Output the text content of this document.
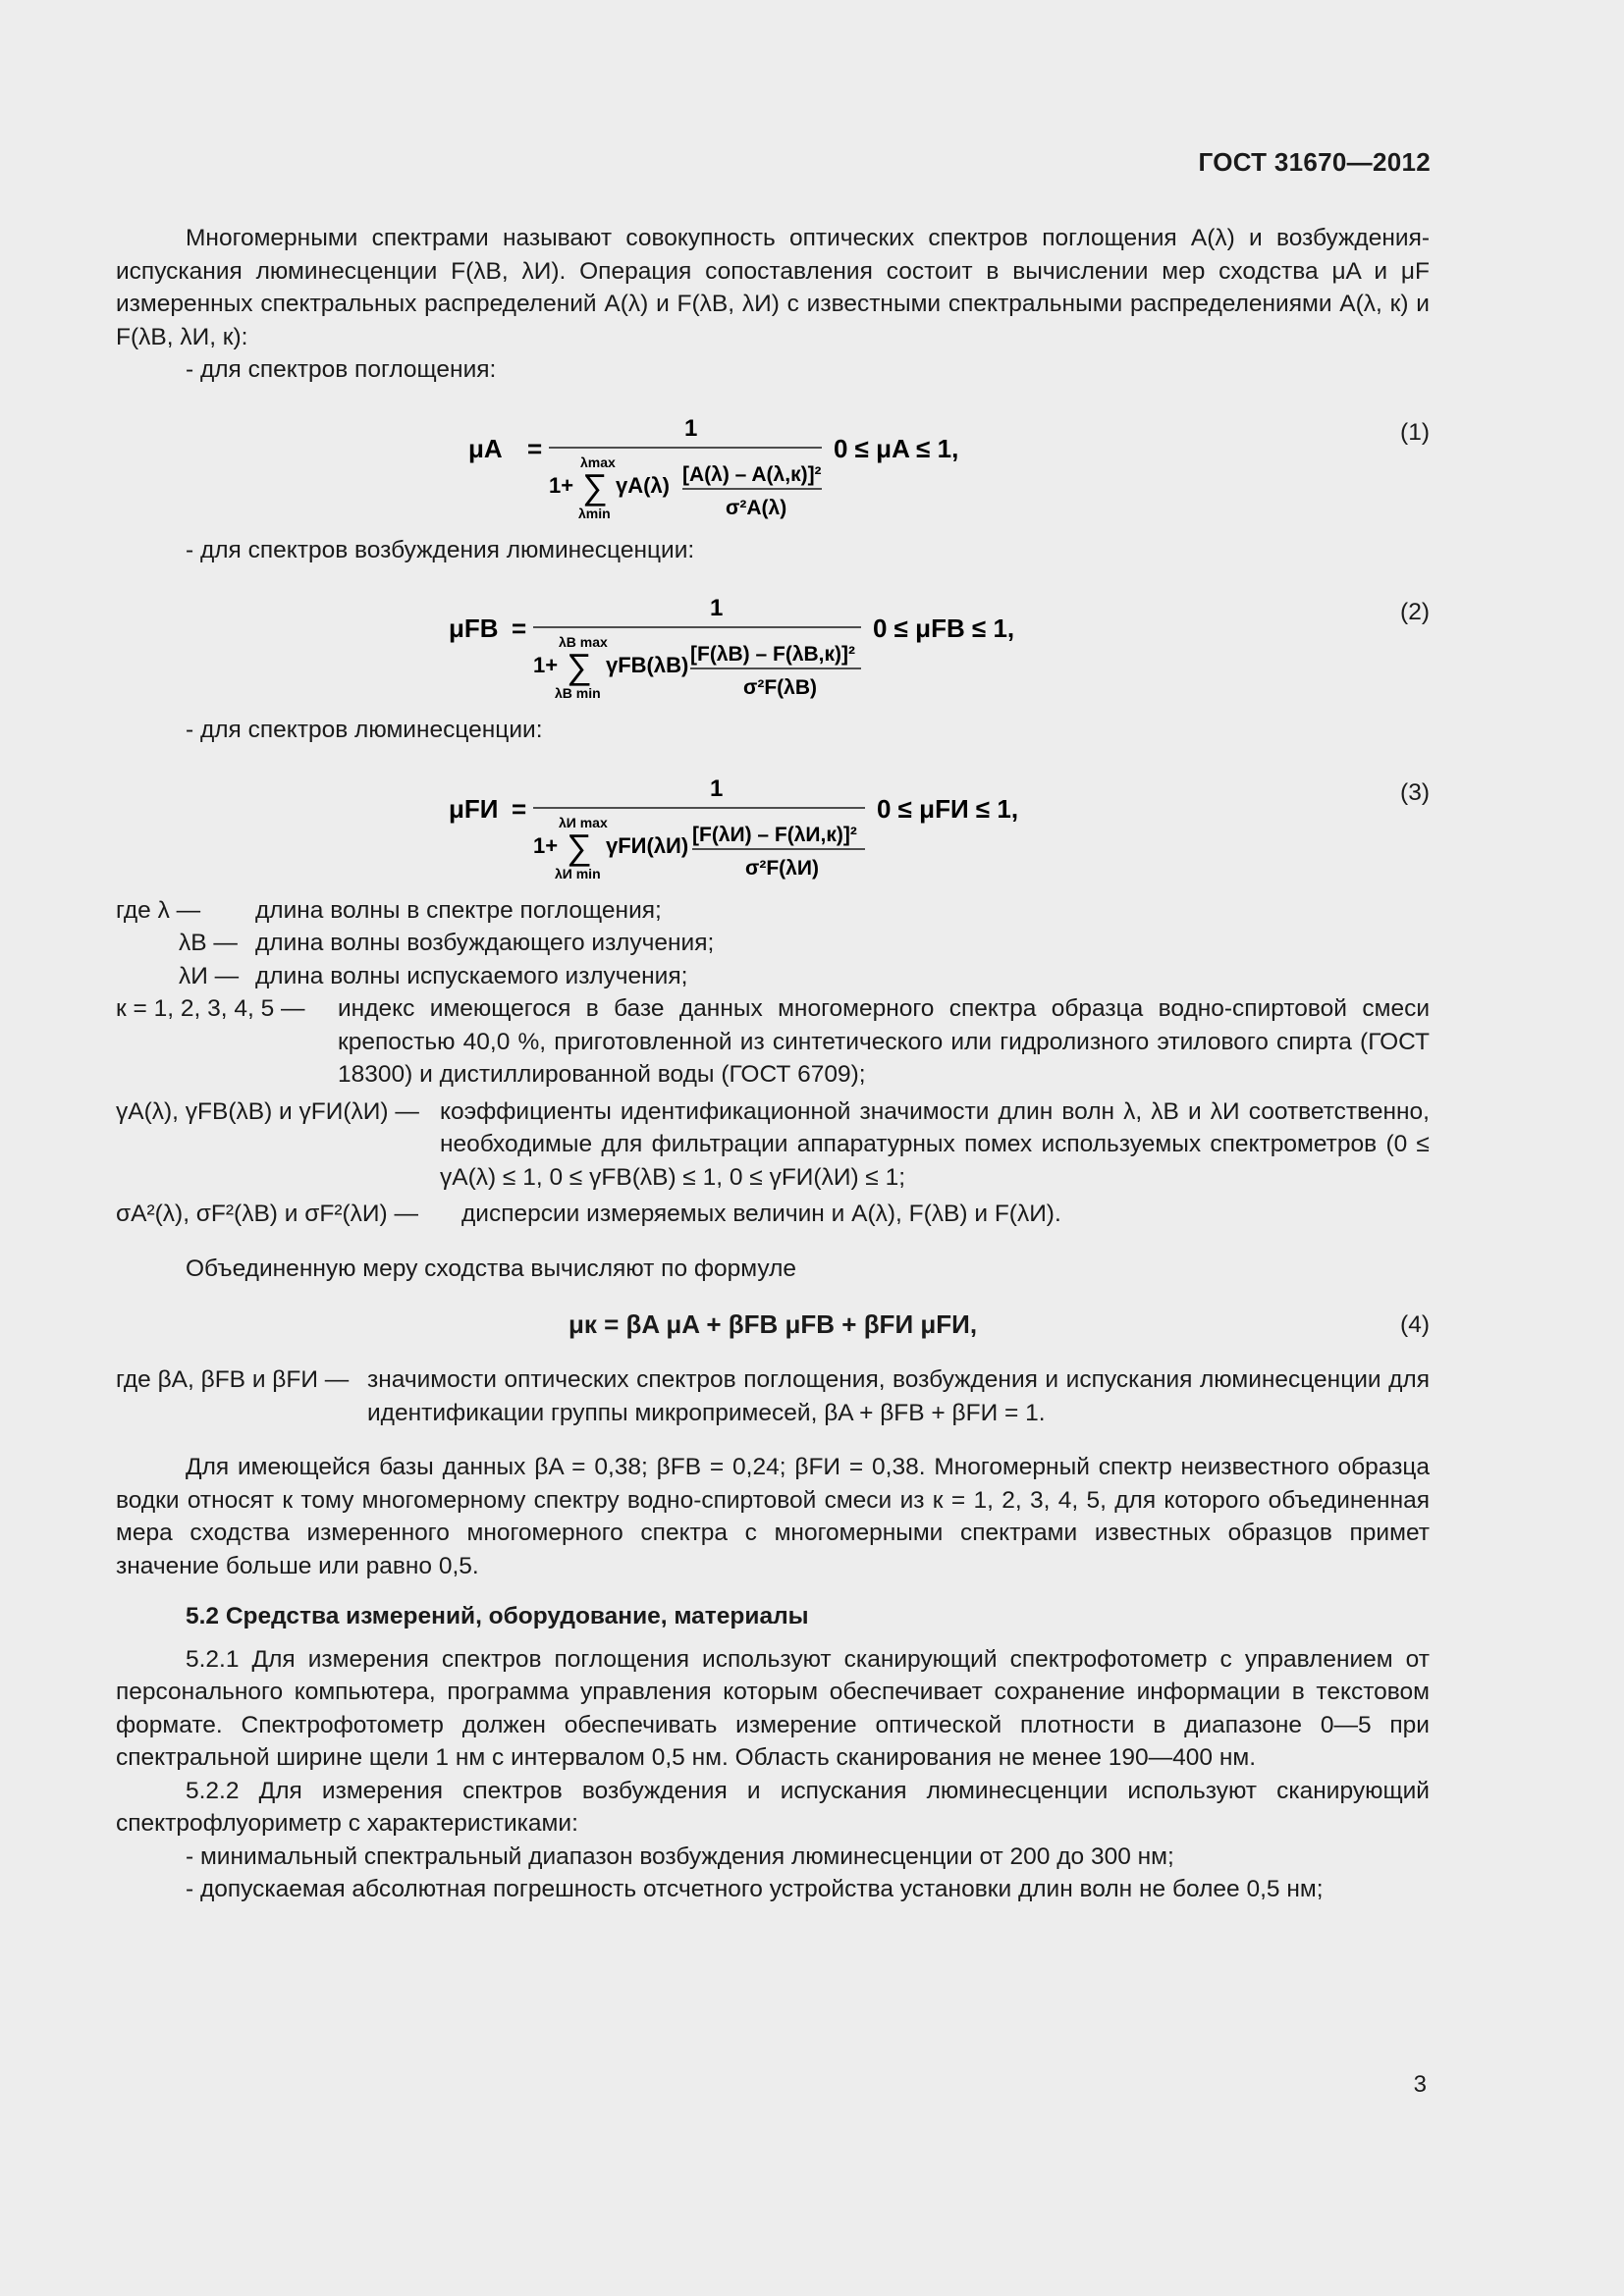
ГОСТ 31670—2012

Многомерными спектрами называют совокупность оптических спектров поглощения A(λ) и возбуждения-испускания люминесценции F(λB, λИ). Операция сопоставления состоит в вычислении мер сходства μA и μF измеренных спектральных распределений A(λ) и F(λB, λИ) с известными спектральными распределениями A(λ, к) и F(λB, λИ, к):

- для спектров поглощения:

μA =
1
1+
λmax
∑
λmin
γA(λ) [A(λ) – A(λ,к)]²
σ²A(λ)
0 ≤ μA ≤ 1,
(1)

- для спектров возбуждения люминесценции:

μFB =
1
1+
λB max
∑
λB min
γFB(λB) [F(λB) – F(λB,к)]²
σ²F(λB)
0 ≤ μFB ≤ 1,
(2)

- для спектров люминесценции:

μFИ =
1
1+
λИ max
∑
λИ min
γFИ(λИ) [F(λИ) – F(λИ,к)]²
σ²F(λИ)
0 ≤ μFИ ≤ 1,
(3)
где λ —	длина волны в спектре поглощения;

λB — длина волны возбуждающего излучения;

λИ — длина волны испускаемого излучения;

к = 1, 2, 3, 4, 5 —	индекс имеющегося в базе данных многомерного спектра образца водно-спиртовой смеси крепостью 40,0 %, приготовленной из синтетического или гидролизного этилового спирта (ГОСТ 18300) и дистиллированной воды (ГОСТ 6709);

γA(λ), γFB(λB) и γFИ(λИ) — коэффициенты идентификационной значимости длин волн λ, λB и λИ соответственно, необходимые для фильтрации аппаратурных помех используемых спектрометров (0 ≤ γA(λ) ≤ 1, 0 ≤ γFB(λB) ≤ 1, 0 ≤ γFИ(λИ) ≤ 1;

σA²(λ), σF²(λB) и σF²(λИ) —	дисперсии измеряемых величин и A(λ), F(λB) и F(λИ).

Объединенную меру сходства вычисляют по формуле

μк = βA μA + βFB μFB + βFИ μFИ,	(4)
где βA, βFB и βFИ — значимости оптических спектров поглощения, возбуждения и испускания люминесценции для идентификации группы микропримесей, βA + βFB + βFИ = 1.

Для имеющейся базы данных βA = 0,38; βFB = 0,24; βFИ = 0,38. Многомерный спектр неизвестного образца водки относят к тому многомерному спектру водно-спиртовой смеси из к = 1, 2, 3, 4, 5, для которого объединенная мера сходства измеренного многомерного спектра с многомерными спектрами известных образцов примет значение больше или равно 0,5.

5.2 Средства измерений, оборудование, материалы

5.2.1 Для измерения спектров поглощения используют сканирующий спектрофотометр с управлением от персонального компьютера, программа управления которым обеспечивает сохранение информации в текстовом формате. Спектрофотометр должен обеспечивать измерение оптической плотности в диапазоне 0—5 при спектральной ширине щели 1 нм с интервалом 0,5 нм. Область сканирования не менее 190—400 нм.

5.2.2 Для измерения спектров возбуждения и испускания люминесценции используют сканирующий спектрофлуориметр с характеристиками:

- минимальный спектральный диапазон возбуждения люминесценции от 200 до 300 нм;

- допускаемая абсолютная погрешность отсчетного устройства установки длин волн не более 0,5 нм;

3
